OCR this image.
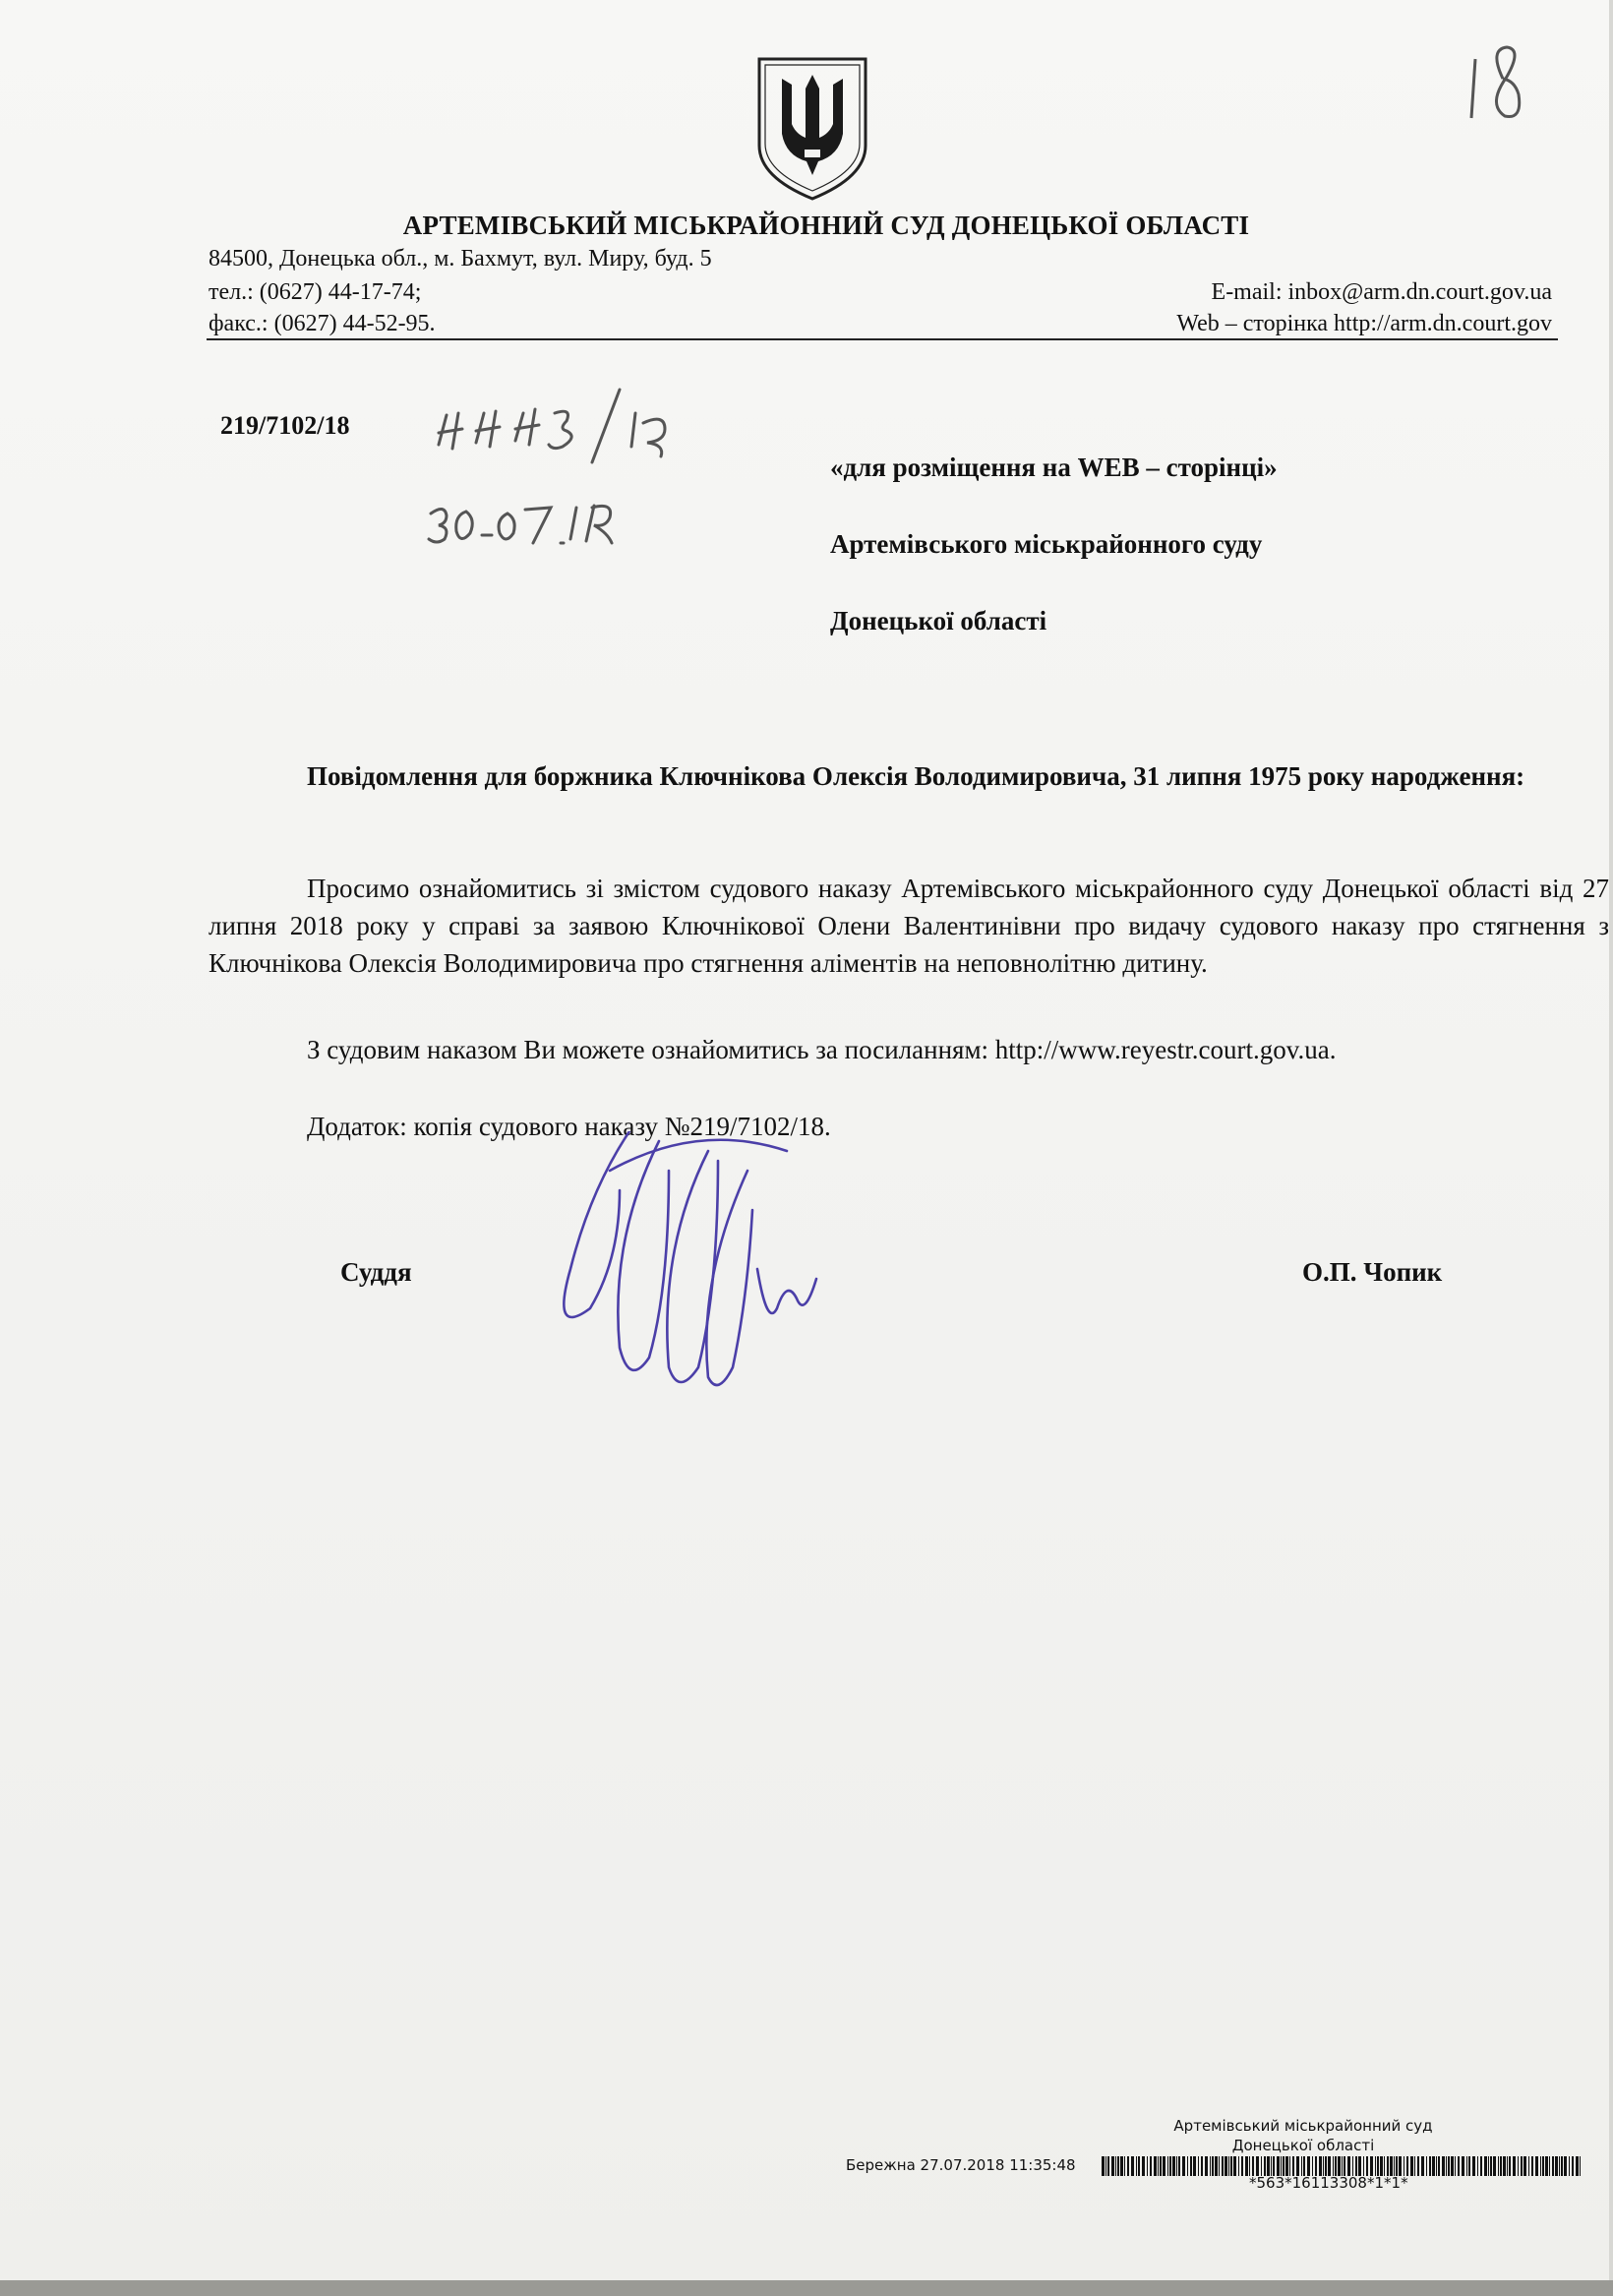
АРТЕМІВСЬКИЙ МІСЬКРАЙОННИЙ СУД ДОНЕЦЬКОЇ ОБЛАСТІ
84500, Донецька обл., м. Бахмут, вул. Миру, буд. 5
тел.: (0627) 44-17-74;
факс.: (0627) 44-52-95.
E-mail: inbox@arm.dn.court.gov.ua
Web – сторінка http://arm.dn.court.gov
219/7102/18
«для розміщення на WEB – сторінці»
Артемівського міськрайонного суду
Донецької області
Повідомлення для боржника Ключнікова Олексія Володимировича, 31 липня 1975 року народження:
Просимо ознайомитись зі змістом судового наказу Артемівського міськрайонного суду Донецької області від 27 липня 2018 року у справі за заявою Ключнікової Олени Валентинівни про видачу судового наказу про стягнення з Ключнікова Олексія Володимировича про стягнення аліментів на неповнолітню дитину.
З судовим наказом Ви можете ознайомитись за посиланням: http://www.reyestr.court.gov.ua.
Додаток: копія судового наказу №219/7102/18.
Суддя	О.П. Чопик
Артемівський міськрайонний суд
Донецької області
Бережна 27.07.2018 11:35:48
*563*16113308*1*1*
